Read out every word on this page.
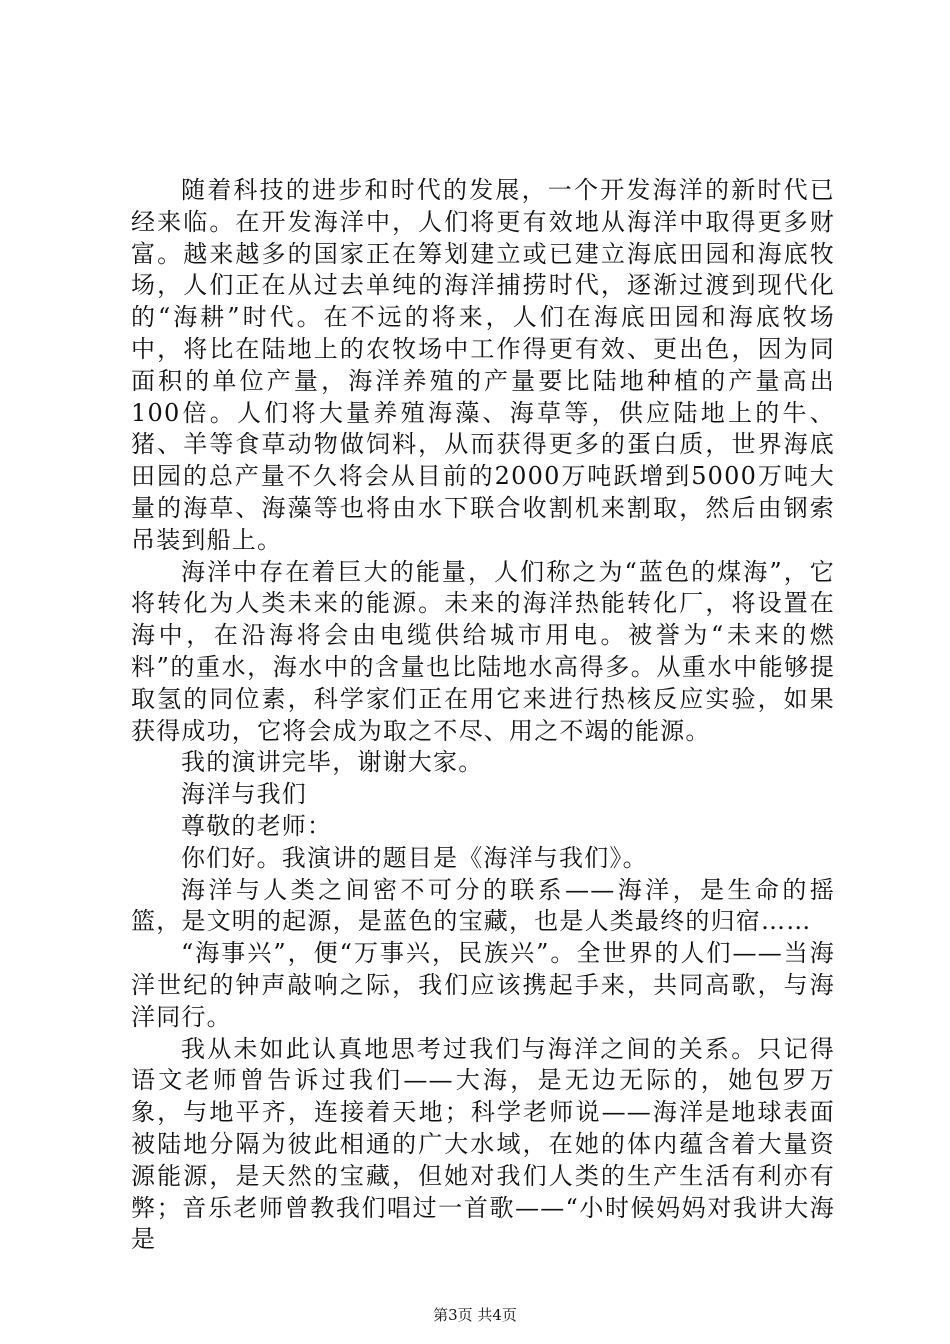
随着科技的进步和时代的发展，一个开发海洋的新时代已经来临。在开发海洋中，人们将更有效地从海洋中取得更多财富。越来越多的国家正在筹划建立或已建立海底田园和海底牧场，人们正在从过去单纯的海洋捕捞时代，逐渐过渡到现代化的“海耕”时代。在不远的将来，人们在海底田园和海底牧场中，将比在陆地上的农牧场中工作得更有效、更出色，因为同面积的单位产量，海洋养殖的产量要比陆地种植的产量高出100倍。人们将大量养殖海藻、海草等，供应陆地上的牛、猪、羊等食草动物做饲料，从而获得更多的蛋白质，世界海底田园的总产量不久将会从目前的2000万吨跃增到5000万吨大量的海草、海藻等也将由水下联合收割机来割取，然后由钢索吊装到船上。

海洋中存在着巨大的能量，人们称之为“蓝色的煤海”，它将转化为人类未来的能源。未来的海洋热能转化厂，将设置在海中，在沿海将会由电缆供给城市用电。被誉为“未来的燃料”的重水，海水中的含量也比陆地水高得多。从重水中能够提取氢的同位素，科学家们正在用它来进行热核反应实验，如果获得成功，它将会成为取之不尽、用之不竭的能源。

我的演讲完毕，谢谢大家。

海洋与我们

尊敬的老师：

你们好。我演讲的题目是《海洋与我们》。

海洋与人类之间密不可分的联系——海洋，是生命的摇篮，是文明的起源，是蓝色的宝藏，也是人类最终的归宿……

“海事兴”，便“万事兴，民族兴”。全世界的人们——当海洋世纪的钟声敲响之际，我们应该携起手来，共同高歌，与海洋同行。

我从未如此认真地思考过我们与海洋之间的关系。只记得语文老师曾告诉过我们——大海，是无边无际的，她包罗万象，与地平齐，连接着天地；科学老师说——海洋是地球表面被陆地分隔为彼此相通的广大水域，在她的体内蕴含着大量资源能源，是天然的宝藏，但她对我们人类的生产生活有利亦有弊；音乐老师曾教我们唱过一首歌——“小时候妈妈对我讲大海是

第3页 共4页
